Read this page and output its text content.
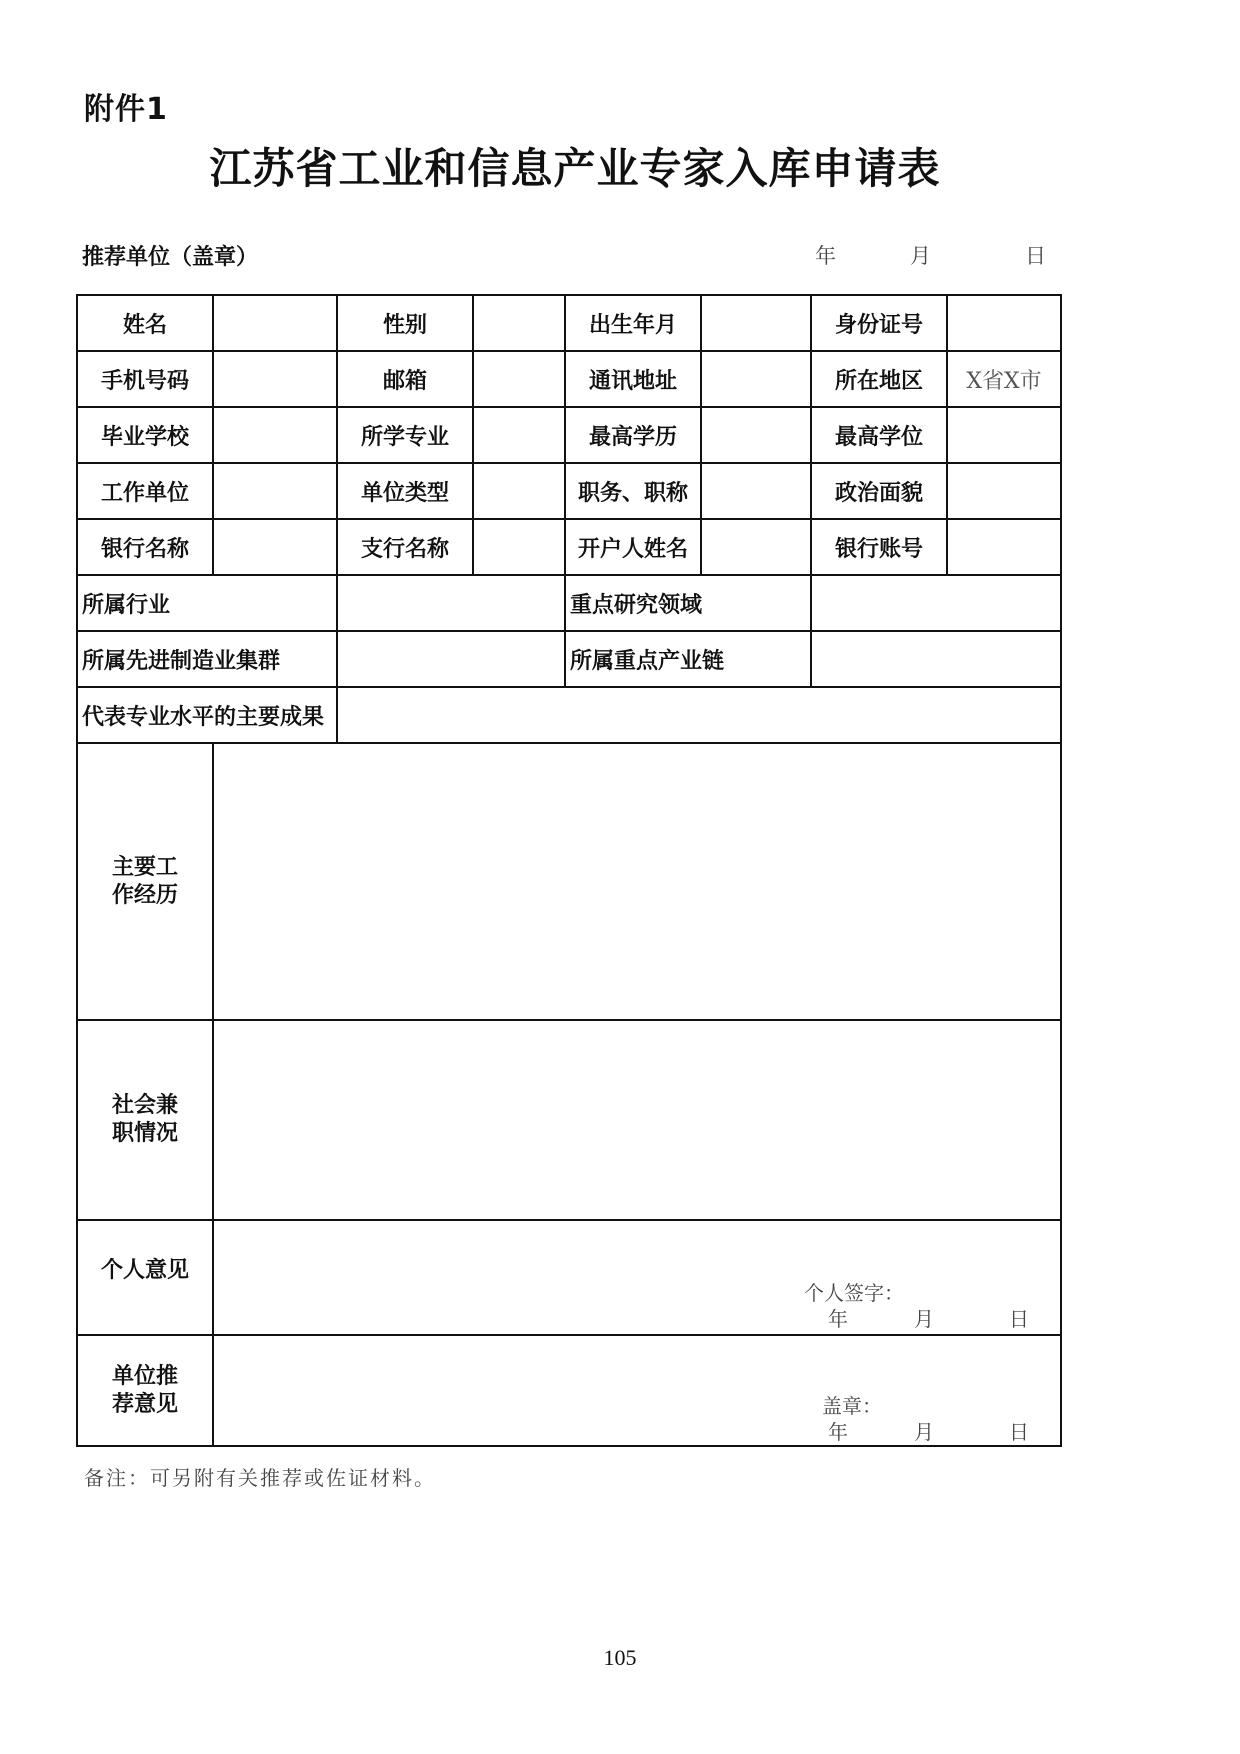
附件1
江苏省工业和信息产业专家入库申请表
推荐单位（盖章）	年	月	日
姓名		性别		出生年月		身份证号	
手机号码		邮箱		通讯地址		所在地区	X省X市
毕业学校		所学专业		最高学历		最高学位	
工作单位		单位类型		职务、职称		政治面貌	
银行名称		支行名称		开户人姓名		银行账号	
所属行业				重点研究领域			
所属先进制造业集群				所属重点产业链			
代表专业水平的主要成果							

主要工作经历							

社会兼职情况							

个人意见	个人签字：
年 月 日						

单位推荐意见	盖章：
年 月 日						
备注：可另附有关推荐或佐证材料。
105
